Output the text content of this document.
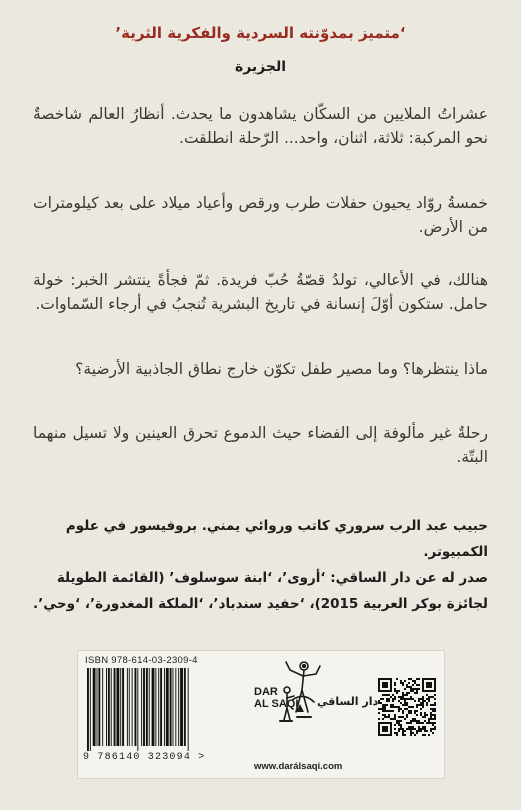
‘متميز بمدوّنته السردية والفكرية الثرية’
الجزيرة
عشراتُ الملايين من السكّان يشاهدون ما يحدث. أنظارُ العالم شاخصةٌ نحو المركبة: ثلاثة، اثنان، واحد... الرّحلة انطلقت.
خمسةُ روّاد يحيون حفلات طرب ورقص وأعياد ميلاد على بعد كيلومترات من الأرض.
هنالك، في الأعالي، تولدُ قصّةُ حُبّ فريدة. ثمّ فجأةً ينتشر الخبر: خولة حامل. ستكون أوّلَ إنسانة في تاريخ البشرية تُنجبُ في أرجاء السّماوات.
ماذا ينتظرها؟ وما مصير طفل تكوّن خارج نطاق الجاذبية الأرضية؟
رحلةٌ غير مألوفة إلى الفضاء حيث الدموع تحرق العينين ولا تسيل منهما البتّة.
حبيب عبد الرب سروري كاتب وروائي يمني. بروفيسور في علوم الكمبيوتر.
صدر له عن دار الساقي: ‘أروى’، ‘ابنة سوسلوف’ (القائمة الطويلة لجائزة بوكر العربية 2015)، ‘حفيد سندباد’، ‘الملكة المغدورة’، ‘وحي’.
ISBN 978-614-03-2309-4
9 786140 323094 >
DAR
AL SAQI دار الساقي
www.darálsaqi.com
